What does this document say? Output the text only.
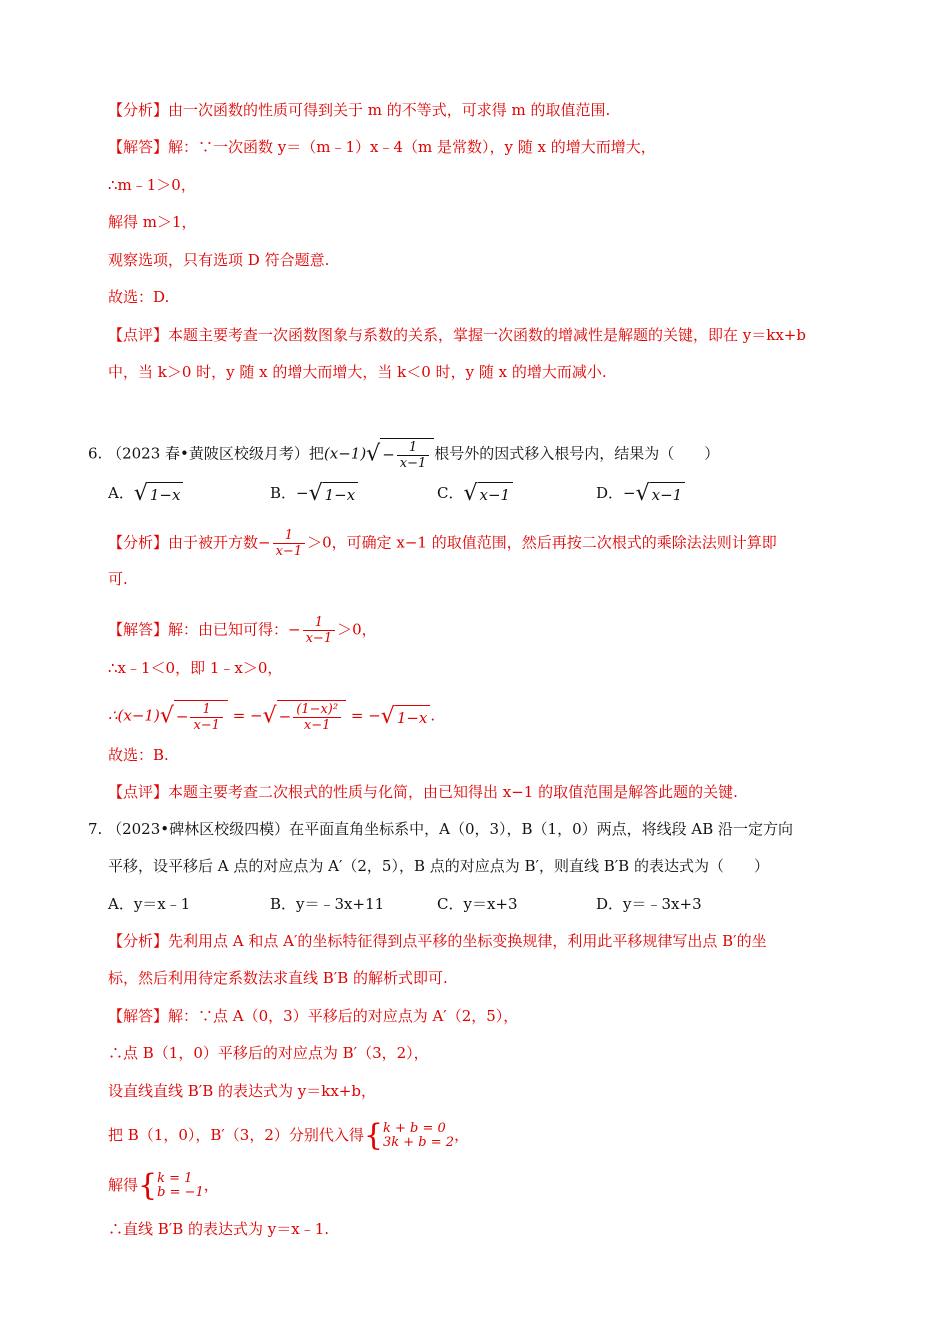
【分析】由一次函数的性质可得到关于 m 的不等式，可求得 m 的取值范围.
【解答】解：∵一次函数 y＝（m﹣1）x﹣4（m 是常数），y 随 x 的增大而增大，
∴m﹣1＞0，
解得 m＞1，
观察选项，只有选项 D 符合题意.
故选：D.
【点评】本题主要考查一次函数图象与系数的关系，掌握一次函数的增减性是解题的关键，即在 y＝kx+b
中，当 k＞0 时，y 随 x 的增大而增大，当 k＜0 时，y 随 x 的增大而减小.
6. （2023 春•黄陂区校级月考）把$(x-1)√ - \frac{1}{x-1}$ 根号外的因式移入根号内，结果为（　　）
A．√ 1−x	B．−√ 1−x	C．√ x−1	D．−√ x−1
【分析】由于被开方数− $\frac{1}{x-1} >0$，可确定 x−1 的取值范围，然后再按二次根式的乘除法法则计算即
可.
【解答】解：由已知可得：− $\frac{1}{x-1} >0$，
∴x﹣1＜0，即 1﹣x＞0，
∴(x−1)√ − $\frac{1}{x-1}$ = −√ − $\frac{\text{(1−x)²}}{x-1}$ = −√ 1−x .
故选：B.
【点评】本题主要考查二次根式的性质与化简，由已知得出 x−1 的取值范围是解答此题的关键.
7. （2023•碑林区校级四模）在平面直角坐标系中，A（0，3），B（1，0）两点，将线段 AB 沿一定方向
平移，设平移后 A 点的对应点为 A′（2，5），B 点的对应点为 B′，则直线 B′B 的表达式为（　　）
A．y＝x﹣1	B．y＝﹣3x+11	C．y＝x+3	D．y＝﹣3x+3
【分析】先利用点 A 和点 A′的坐标特征得到点平移的坐标变换规律，利用此平移规律写出点 B′的坐
标，然后利用待定系数法求直线 B′B 的解析式即可.
【解答】解：∵点 A（0，3）平移后的对应点为 A′（2，5），
∴点 B（1，0）平移后的对应点为 B′（3，2），
设直线直线 B′B 的表达式为 y＝kx+b，
把 B（1，0），B′（3，2）分别代入得{ k + b = 0
3k + b = 2 ，
解得{ k = 1
b = −1 ，
∴直线 B′B 的表达式为 y＝x﹣1.
